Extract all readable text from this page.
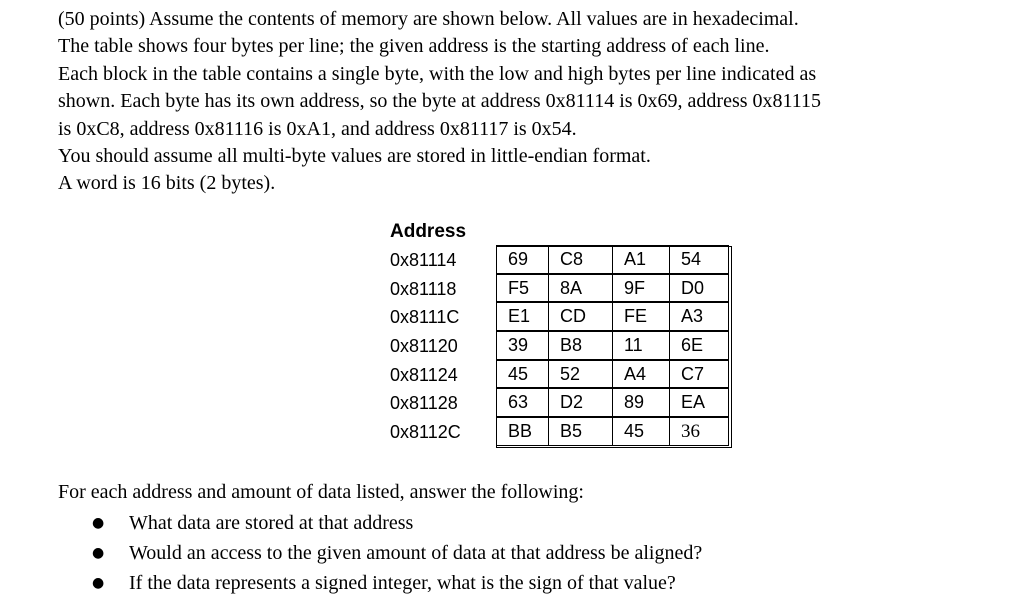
(50 points) Assume the contents of memory are shown below. All values are in hexadecimal.
The table shows four bytes per line; the given address is the starting address of each line.
Each block in the table contains a single byte, with the low and high bytes per line indicated as
shown. Each byte has its own address, so the byte at address 0x81114 is 0x69, address 0x81115
is 0xC8, address 0x81116 is 0xA1, and address 0x81117 is 0x54.
You should assume all multi-byte values are stored in little-endian format.
A word is 16 bits (2 bytes).
Address
0x81114	69	C8	A1	54
0x81118	F5	8A	9F	D0
0x8111C	E1	CD	FE	A3
0x81120	39	B8	11	6E
0x81124	45	52	A4	C7
0x81128	63	D2	89	EA
0x8112C	BB	B5	45	36
For each address and amount of data listed, answer the following:
● What data are stored at that address
● Would an access to the given amount of data at that address be aligned?
● If the data represents a signed integer, what is the sign of that value?
